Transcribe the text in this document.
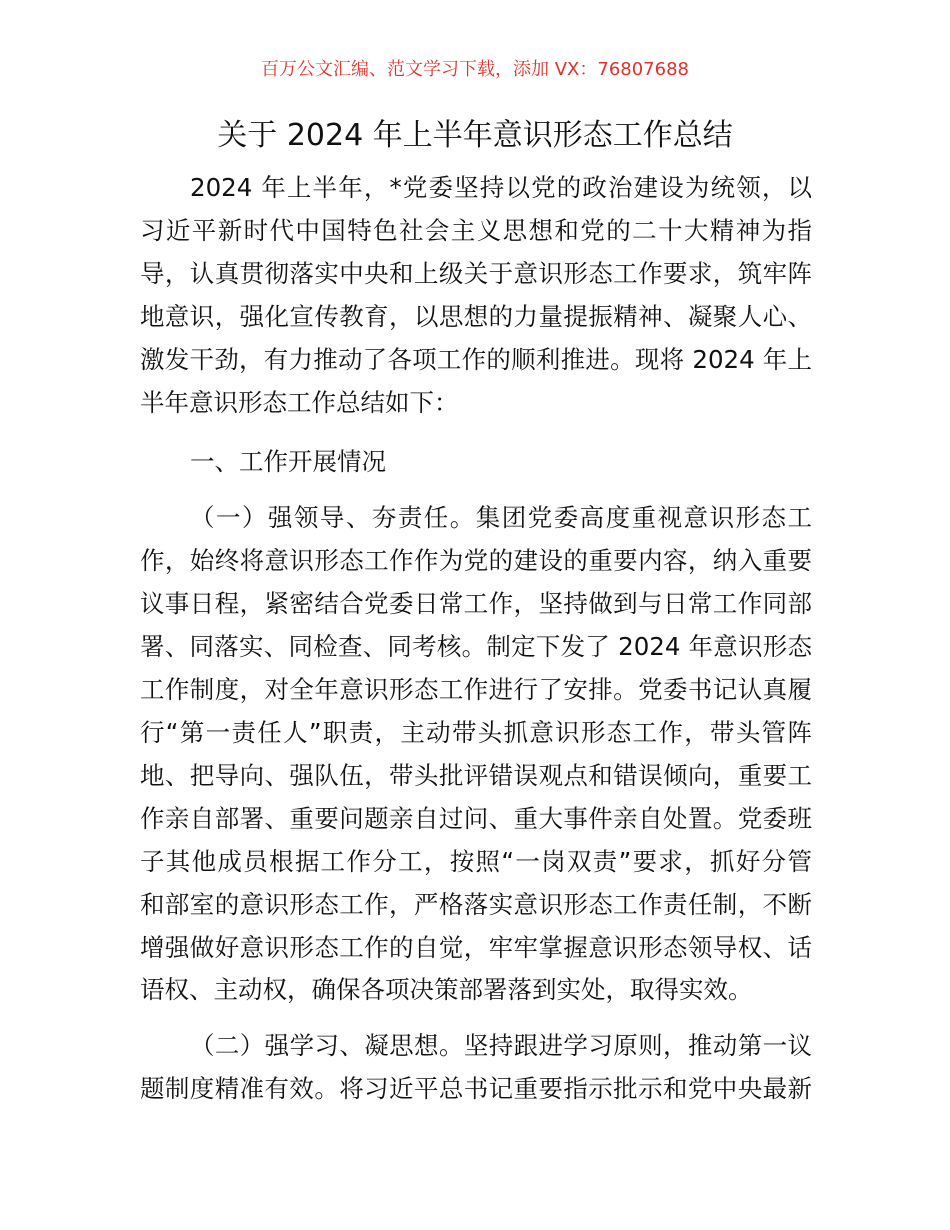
百万公文汇编、范文学习下载，添加 VX：76807688
关于 2024 年上半年意识形态工作总结
2024 年上半年，*党委坚持以党的政治建设为统领，以
习近平新时代中国特色社会主义思想和党的二十大精神为指
导，认真贯彻落实中央和上级关于意识形态工作要求，筑牢阵
地意识，强化宣传教育，以思想的力量提振精神、凝聚人心、
激发干劲，有力推动了各项工作的顺利推进。现将 2024 年上
半年意识形态工作总结如下：
一、工作开展情况
（一）强领导、夯责任。集团党委高度重视意识形态工
作，始终将意识形态工作作为党的建设的重要内容，纳入重要
议事日程，紧密结合党委日常工作，坚持做到与日常工作同部
署、同落实、同检查、同考核。制定下发了 2024 年意识形态
工作制度，对全年意识形态工作进行了安排。党委书记认真履
行“第一责任人”职责，主动带头抓意识形态工作，带头管阵
地、把导向、强队伍，带头批评错误观点和错误倾向，重要工
作亲自部署、重要问题亲自过问、重大事件亲自处置。党委班
子其他成员根据工作分工，按照“一岗双责”要求，抓好分管
和部室的意识形态工作，严格落实意识形态工作责任制，不断
增强做好意识形态工作的自觉，牢牢掌握意识形态领导权、话
语权、主动权，确保各项决策部署落到实处，取得实效。
（二）强学习、凝思想。坚持跟进学习原则，推动第一议
题制度精准有效。将习近平总书记重要指示批示和党中央最新
